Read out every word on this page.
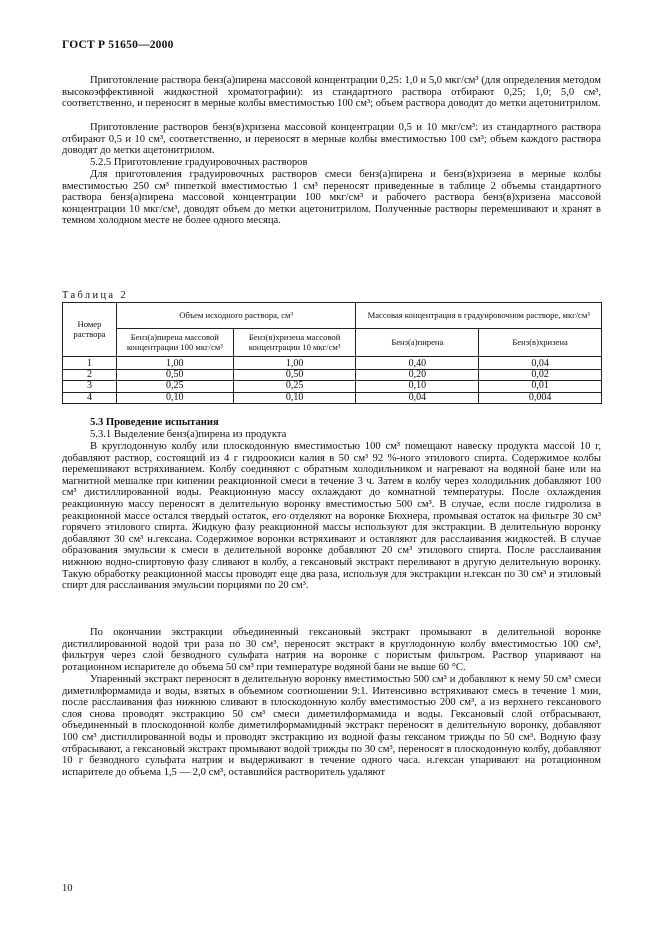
ГОСТ Р 51650—2000

Приготовление раствора бенз(а)пирена массовой концентрации 0,25: 1,0 и 5,0 мкг/см³ (для определения методом высокоэффективной жидкостной хроматографии): из стандартного раствора отбирают 0,25; 1,0; 5,0 см³, соответственно, и переносят в мерные колбы вместимостью 100 см³; объем раствора доводят до метки ацетонитрилом.

Приготовление растворов бенз(в)хризена массовой концентрации 0,5 и 10 мкг/см³: из стандартного раствора отбирают 0,5 и 10 см³, соответственно, и переносят в мерные колбы вместимостью 100 см³; объем каждого раствора доводят до метки ацетонитрилом.

5.2.5 Приготовление градуировочных растворов

Для приготовления градуировочных растворов смеси бенз(а)пирена и бенз(в)хризена в мерные колбы вместимостью 250 см³ пипеткой вместимостью 1 см³ переносят приведенные в таблице 2 объемы стандартного раствора бенз(а)пирена массовой концентрации 100 мкг/см³ и рабочего раствора бенз(в)хризена массовой концентрации 10 мкг/см³, доводят объем до метки ацетонитрилом. Полученные растворы перемешивают и хранят в темном холодном месте не более одного месяца.

Таблица 2
Номер раствора	Объем исходного раствора, см³		Массовая концентрация в градуировочном растворе, мкг/см³	
	Бенз(а)пирена массовой концентрации 100 мкг/см³	Бенз(в)хризена массовой концентрации 10 мкг/см³	Бенз(а)пирена	Бенз(в)хризена
1	1,00	1,00	0,40	0,04
2	0,50	0,50	0,20	0,02
3	0,25	0,25	0,10	0,01
4	0,10	0,10	0,04	0,004

5.3 Проведение испытания

5.3.1 Выделение бенз(а)пирена из продукта

В круглодонную колбу или плоскодонную вместимостью 100 см³ помещают навеску продукта массой 10 г, добавляют раствор, состоящий из 4 г гидроокиси калия в 50 см³ 92 %-ного этилового спирта. Содержимое колбы перемешивают встряхиванием. Колбу соединяют с обратным холодильником и нагревают на водяной бане или на магнитной мешалке при кипении реакционной смеси в течение 3 ч. Затем в колбу через холодильник добавляют 100 см³ дистиллированной воды. Реакционную массу охлаждают до комнатной температуры. После охлаждения реакционную массу переносят в делительную воронку вместимостью 500 см³. В случае, если после гидролиза в реакционной массе остался твердый остаток, его отделяют на воронке Бюхнера, промывая остаток на фильтре 30 см³ горячего этилового спирта. Жидкую фазу реакционной массы используют для экстракции. В делительную воронку добавляют 30 см³ н.гексана. Содержимое воронки встряхивают и оставляют для расслаивания жидкостей. В случае образования эмульсии к смеси в делительной воронке добавляют 20 см³ этилового спирта. После расслаивания нижнюю водно-спиртовую фазу сливают в колбу, а гексановый экстракт переливают в другую делительную воронку. Такую обработку реакционной массы проводят еще два раза, используя для экстракции н.гексан по 30 см³ и этиловый спирт для расслаивания эмульсии порциями по 20 см³.

По окончании экстракции объединенный гексановый экстракт промывают в делительной воронке дистиллированной водой три раза по 30 см³, переносят экстракт в круглодонную колбу вместимостью 100 см³, фильтруя через слой безводного сульфата натрия на воронке с пористым фильтром. Раствор упаривают на ротационном испарителе до объема 50 см³ при температуре водяной бани не выше 60 °С.

Упаренный экстракт переносят в делительную воронку вместимостью 500 см³ и добавляют к нему 50 см³ смеси диметилформамида и воды, взятых в объемном соотношении 9:1. Интенсивно встряхивают смесь в течение 1 мин, после расслаивания фаз нижнюю сливают в плоскодонную колбу вместимостью 200 см³, а из верхнего гексанового слоя снова проводят экстракцию 50 см³ смеси диметилформамида и воды. Гексановый слой отбрасывают, объединенный в плоскодонной колбе диметилформамидный экстракт переносят в делительную воронку, добавляют 100 см³ дистиллированной воды и проводят экстракцию из водной фазы гексаном трижды по 50 см³. Водную фазу отбрасывают, а гексановый экстракт промывают водой трижды по 30 см³, переносят в плоскодонную колбу, добавляют 10 г безводного сульфата натрия и выдерживают в течение одного часа. н.гексан упаривают на ротационном испарителе до объема 1,5 — 2,0 см³, оставшийся растворитель удаляют

10
